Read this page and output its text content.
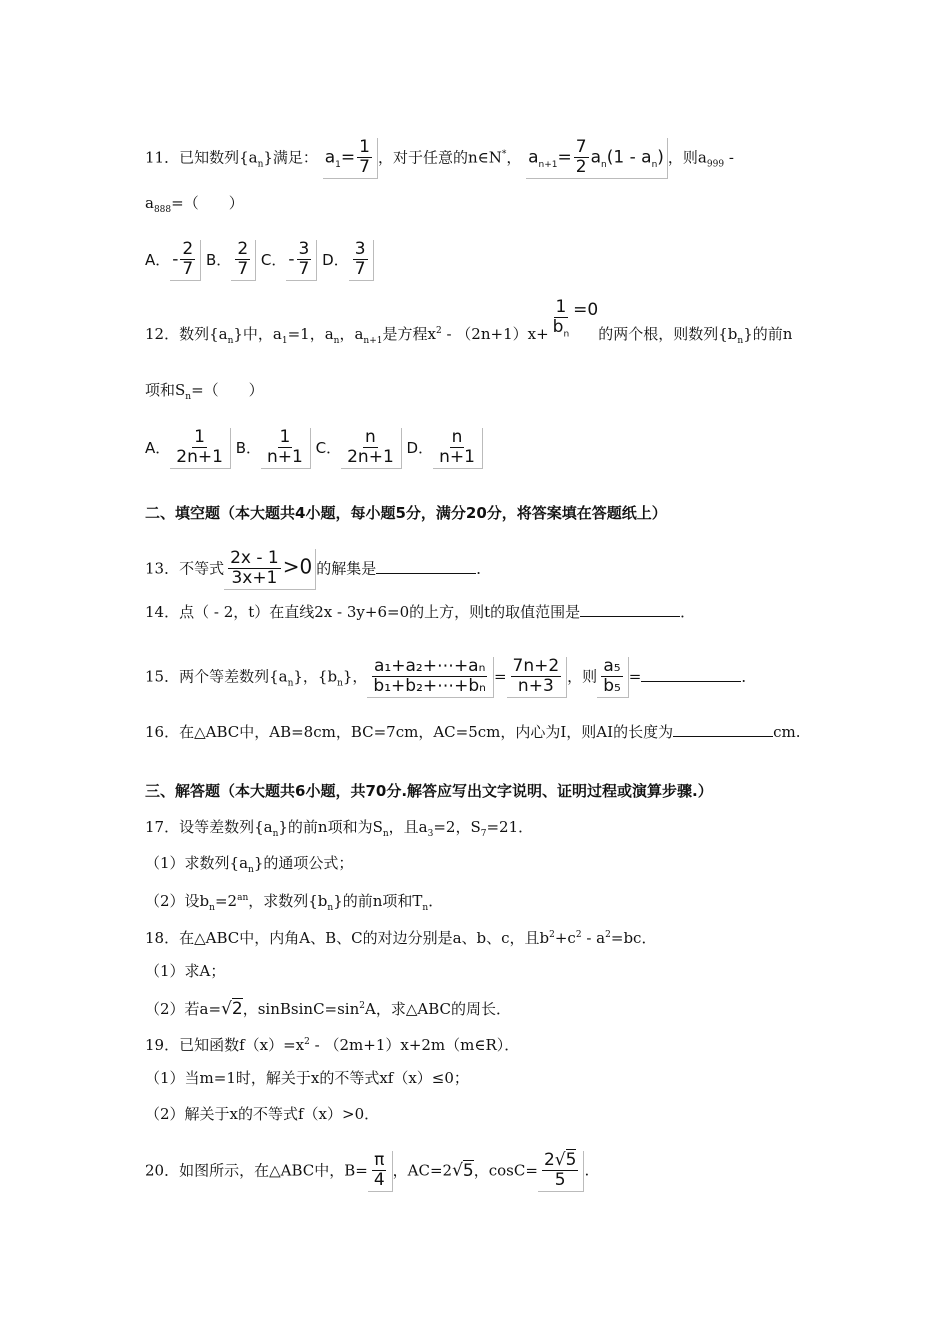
11．已知数列$\{a_n\}$满足： $a_1= \frac{1}{7}$ ，对于任意的n∈N*， $a_{n+1}= \frac{7}{2} a_n(1 - a_n)$ ，则$a_{999}$ -
$a_{888}=$（　　）
A． - $\frac{2}{7}$ B． $\frac{2}{7}$ C． - $\frac{3}{7}$ D． $\frac{3}{7}$
12．数列$\{a_n\}$中，$a_1=1$，$a_n$，$a_{n+1}$是方程$x^2 - (2n+1)x+ \frac{1}{b_n} =0$的两个根，则数列$\{b_n\}$的前n
项和$S_n=$（　　）
A． $\frac{1}{2n+1}$ B． $\frac{1}{n+1}$ C． $\frac{n}{2n+1}$ D． $\frac{n}{n+1}$
二、填空题（本大题共4小题，每小题5分，满分20分，将答案填在答题纸上）
13．不等式 $\frac{2x - 1}{3x+1} >0$ 的解集是	．
14．点（ - 2，t）在直线2x - 3y+6=0的上方，则t的取值范围是	．
15．两个等差数列$\{a_n\}$，$\{b_n\}$， $\frac{\text{a₁+a₂+⋯+aₙ}}{\text{b₁+b₂+⋯+bₙ}} = \frac{7n+2}{n+3}$ ，则 $\frac{\text{a₅}}{\text{b₅}}$ =	．
16．在△ABC中，AB=8cm，BC=7cm，AC=5cm，内心为I，则AI的长度为	cm.
三、解答题（本大题共6小题，共70分.解答应写出文字说明、证明过程或演算步骤.）
17．设等差数列$\{a_n\}$的前n项和为$S_n$，且$a_3=2$，$S_7=21$．
（1）求数列$\{a_n\}$的通项公式；
（2）设$b_n=2^{an}$，求数列$\{b_n\}$的前n项和$T_n$．
18．在△ABC中，内角A、B、C的对边分别是a、b、c，且$b^2+c^2 - a^2=bc$．
（1）求A；
（2）若a=√2，$sinBsinC=\sin^2A$，求△ABC的周长．
19．已知函数$f(x)=x^2$ - （2m+1）x+2m（m∈R）．
（1）当m=1时，解关于x的不等式xf（x）≤0；
（2）解关于x的不等式f（x）>0．
20．如图所示，在△ABC中，$B= \frac{\pi}{4}$ ，AC=2√5，$\cos C= \frac{2√5}{5}$ .
